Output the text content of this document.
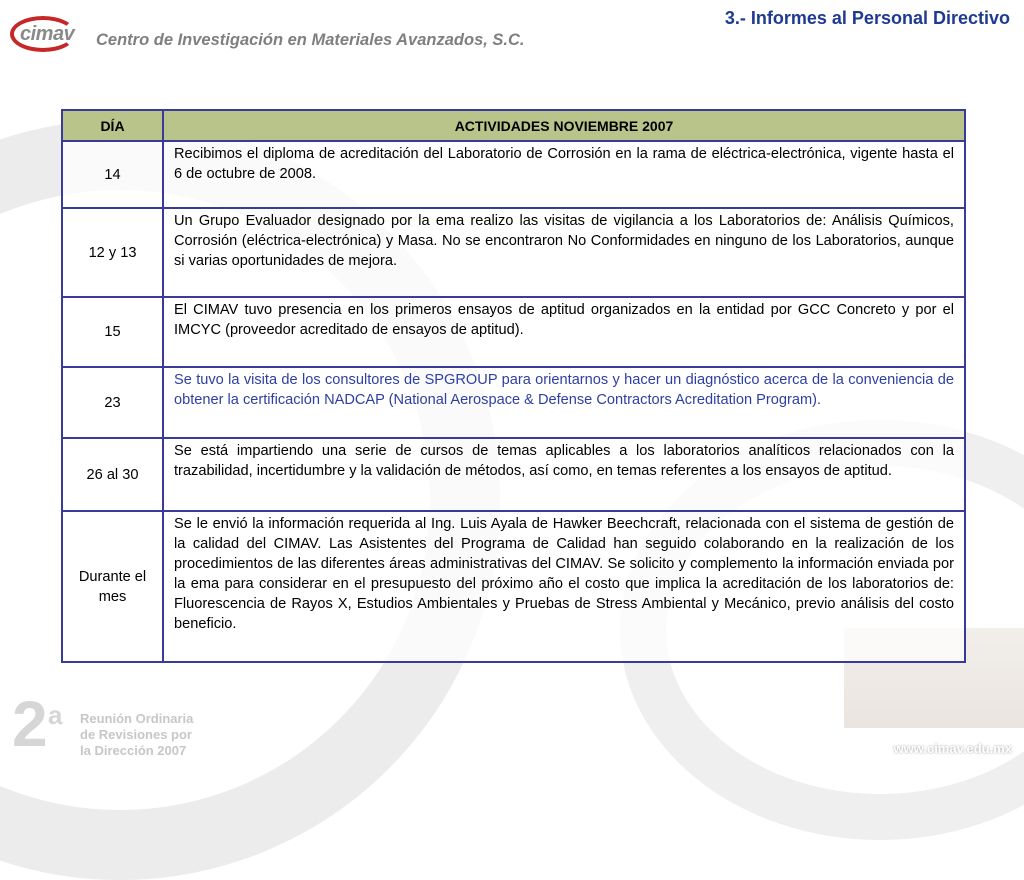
cimav Centro de Investigación en Materiales Avanzados, S.C.
3.- Informes al Personal Directivo
DÍA	ACTIVIDADES NOVIEMBRE 2007
14	Recibimos el diploma de acreditación del Laboratorio de Corrosión en la rama de eléctrica-electrónica, vigente hasta el 6 de octubre de 2008.
12 y 13	Un Grupo Evaluador designado por la ema realizo las visitas de vigilancia a los Laboratorios de: Análisis Químicos, Corrosión (eléctrica-electrónica) y Masa. No se encontraron No Conformidades en ninguno de los Laboratorios, aunque si varias oportunidades de mejora.
15	El CIMAV tuvo presencia en los primeros ensayos de aptitud organizados en la entidad por GCC Concreto y por el IMCYC (proveedor acreditado de ensayos de aptitud).
23	Se tuvo la visita de los consultores de SPGROUP para orientarnos y hacer un diagnóstico acerca de la conveniencia de obtener la certificación NADCAP (National Aerospace & Defense Contractors Acreditation Program).
26 al 30	Se está impartiendo una serie de cursos de temas aplicables a los laboratorios analíticos relacionados con la trazabilidad, incertidumbre y la validación de métodos, así como, en temas referentes a los ensayos de aptitud.
Durante el mes	Se le envió la información requerida al Ing. Luis Ayala de Hawker Beechcraft, relacionada con el sistema de gestión de la calidad del CIMAV. Las Asistentes del Programa de Calidad han seguido colaborando en la realización de los procedimientos de las diferentes áreas administrativas del CIMAV. Se solicito y complemento la información enviada por la ema para considerar en el presupuesto del próximo año el costo que implica la acreditación de los laboratorios de: Fluorescencia de Rayos X, Estudios Ambientales y Pruebas de Stress Ambiental y Mecánico, previo análisis del costo beneficio.
2 a Reunión Ordinaria
de Revisiones por
la Dirección 2007	www.cimav.edu.mx
